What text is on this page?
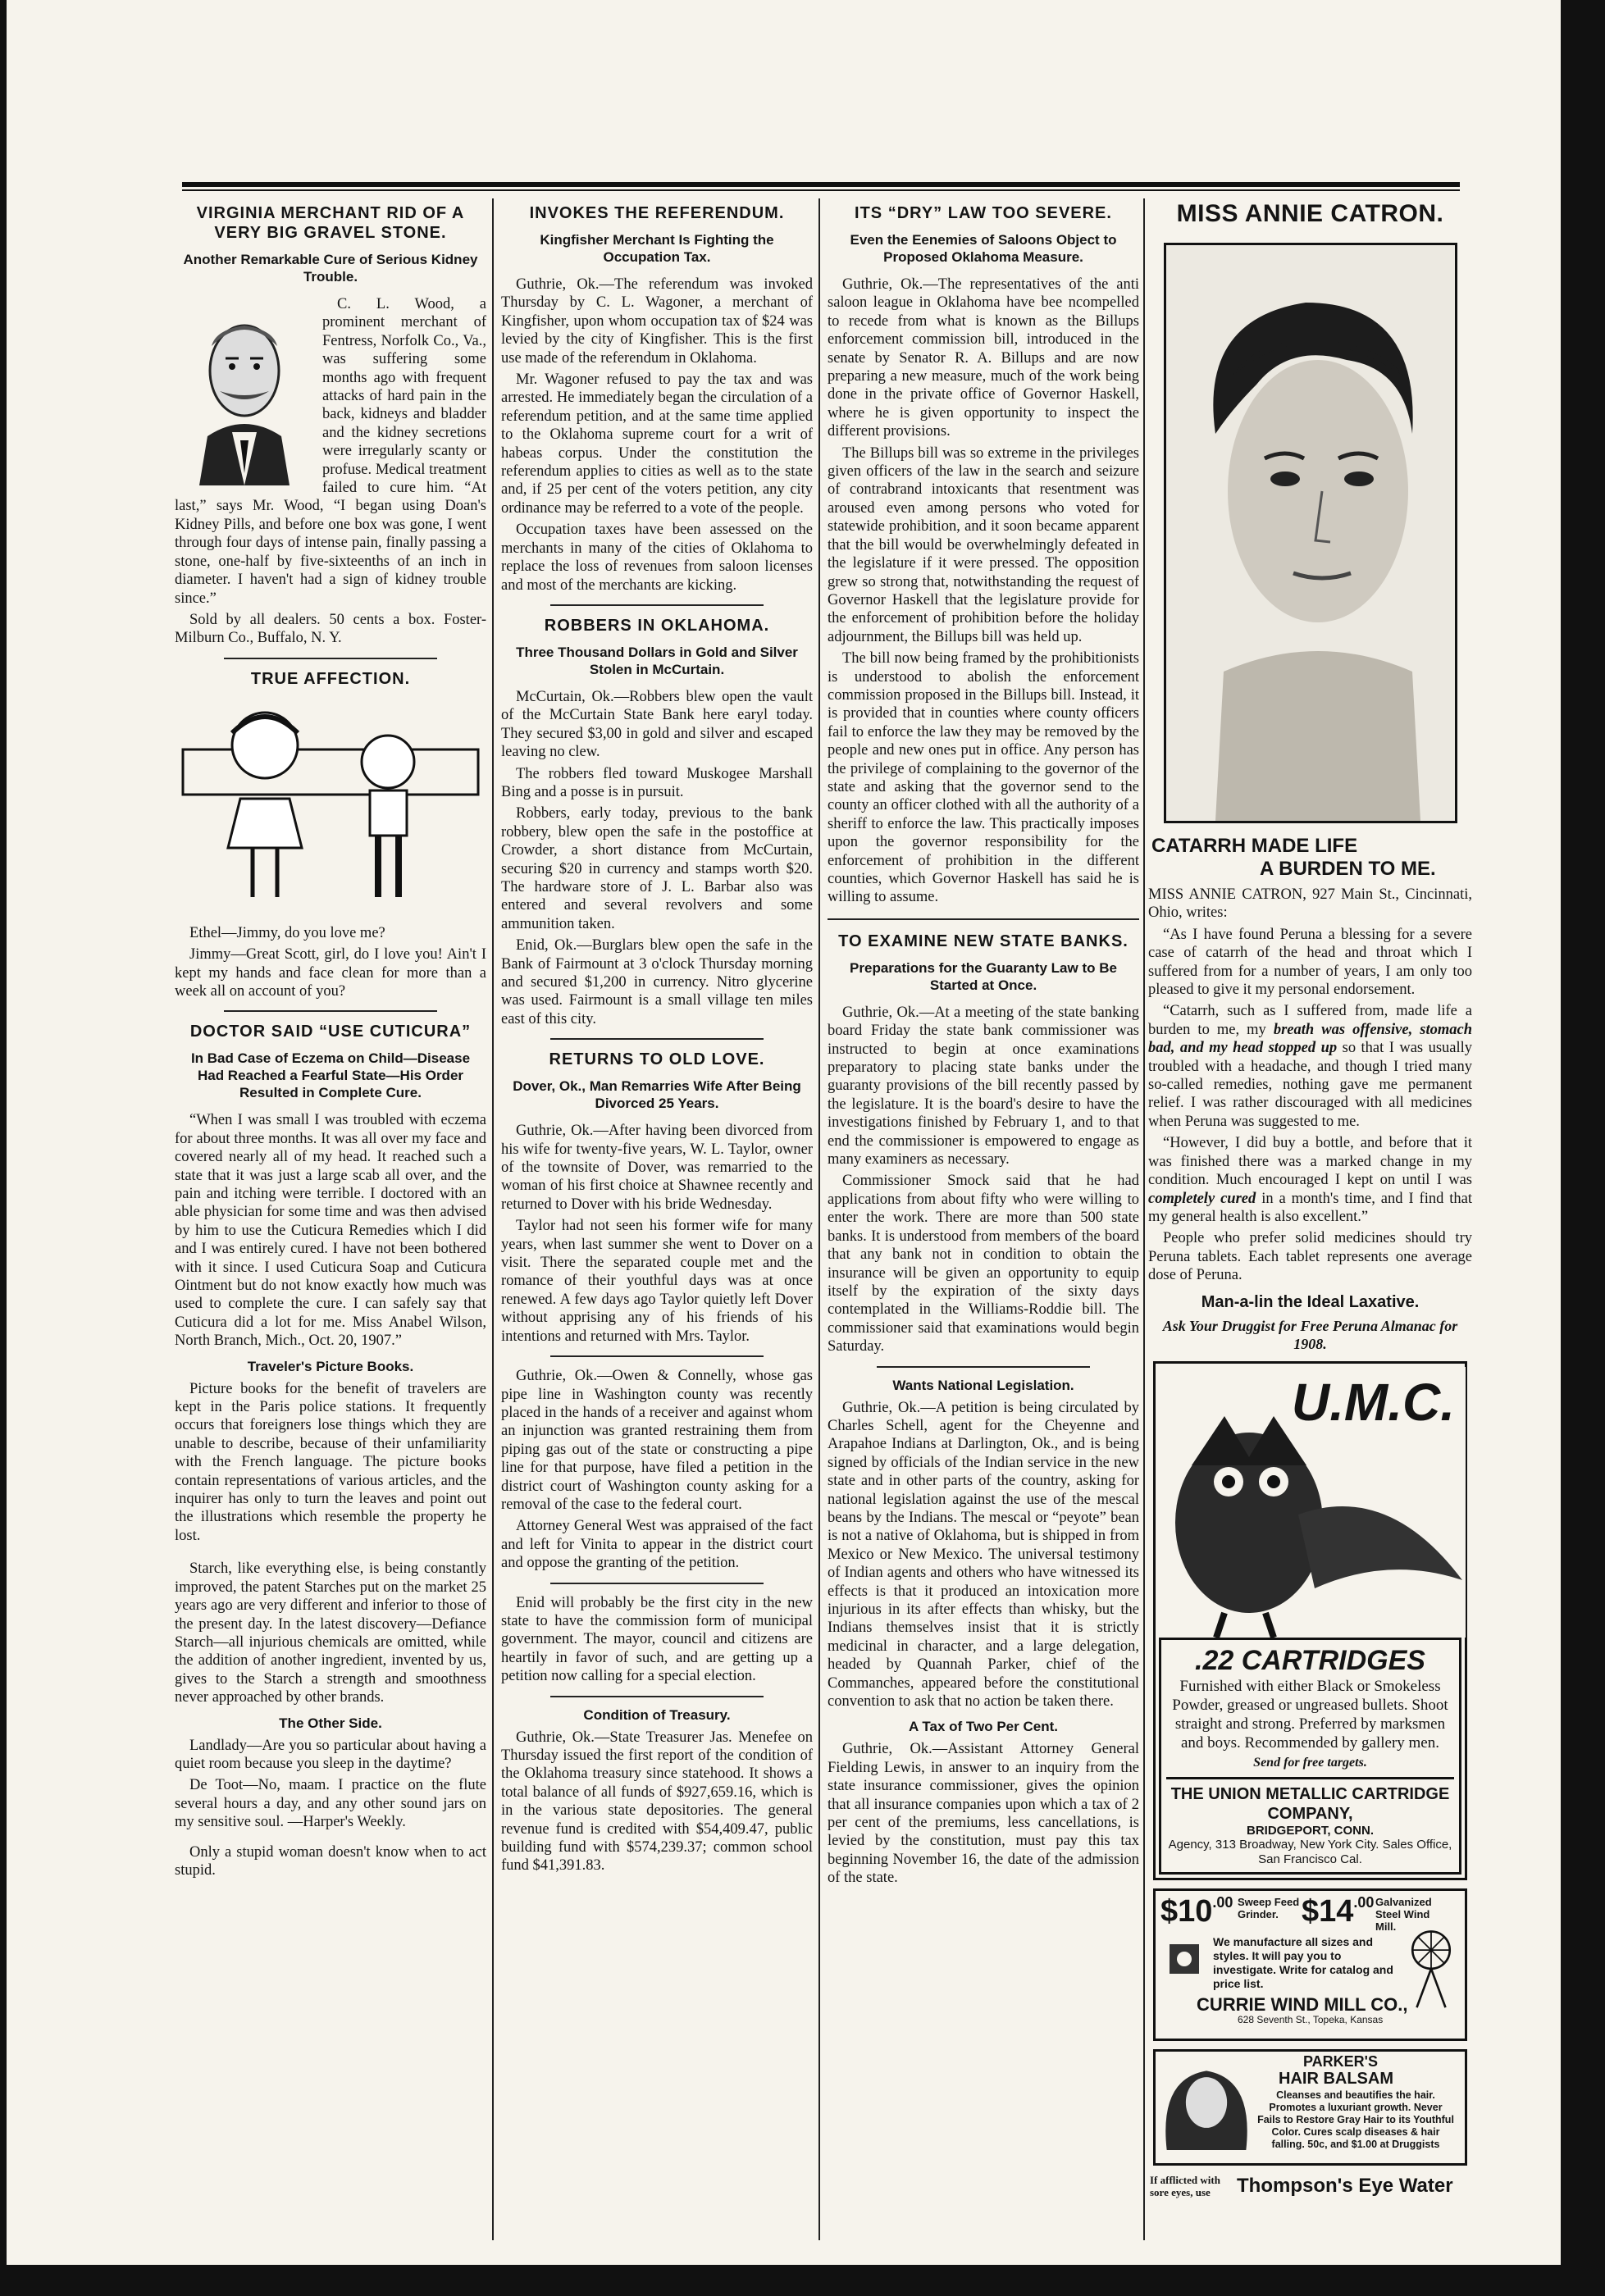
VIRGINIA MERCHANT RID OF A VERY BIG GRAVEL STONE.
Another Remarkable Cure of Serious Kidney Trouble.

C. L. Wood, a prominent merchant of Fentress, Norfolk Co., Va., was suffering some months ago with frequent attacks of hard pain in the back, kidneys and bladder and the kidney secretions were irregularly scanty or profuse. Medical treatment failed to cure him. “At last,” says Mr. Wood, “I began using Doan's Kidney Pills, and before one box was gone, I went through four days of intense pain, finally passing a stone, one-half by five-sixteenths of an inch in diameter. I haven't had a sign of kidney trouble since.”

Sold by all dealers. 50 cents a box. Foster-Milburn Co., Buffalo, N. Y.

TRUE AFFECTION.

Ethel—Jimmy, do you love me?

Jimmy—Great Scott, girl, do I love you! Ain't I kept my hands and face clean for more than a week all on account of you?

DOCTOR SAID “USE CUTICURA”
In Bad Case of Eczema on Child—Disease Had Reached a Fearful State—His Order Resulted in Complete Cure.

“When I was small I was troubled with eczema for about three months. It was all over my face and covered nearly all of my head. It reached such a state that it was just a large scab all over, and the pain and itching were terrible. I doctored with an able physician for some time and was then advised by him to use the Cuticura Remedies which I did and I was entirely cured. I have not been bothered with it since. I used Cuticura Soap and Cuticura Ointment but do not know exactly how much was used to complete the cure. I can safely say that Cuticura did a lot for me. Miss Anabel Wilson, North Branch, Mich., Oct. 20, 1907.”

Traveler's Picture Books.

Picture books for the benefit of travelers are kept in the Paris police stations. It frequently occurs that foreigners lose things which they are unable to describe, because of their unfamiliarity with the French language. The picture books contain representations of various articles, and the inquirer has only to turn the leaves and point out the illustrations which resemble the property he lost.

Starch, like everything else, is being constantly improved, the patent Starches put on the market 25 years ago are very different and inferior to those of the present day. In the latest discovery—Defiance Starch—all injurious chemicals are omitted, while the addition of another ingredient, invented by us, gives to the Starch a strength and smoothness never approached by other brands.

The Other Side.

Landlady—Are you so particular about having a quiet room because you sleep in the daytime?

De Toot—No, maam. I practice on the flute several hours a day, and any other sound jars on my sensitive soul. —Harper's Weekly.

Only a stupid woman doesn't know when to act stupid.

INVOKES THE REFERENDUM.
Kingfisher Merchant Is Fighting the Occupation Tax.

Guthrie, Ok.—The referendum was invoked Thursday by C. L. Wagoner, a merchant of Kingfisher, upon whom occupation tax of $24 was levied by the city of Kingfisher. This is the first use made of the referendum in Oklahoma.

Mr. Wagoner refused to pay the tax and was arrested. He immediately began the circulation of a referendum petition, and at the same time applied to the Oklahoma supreme court for a writ of habeas corpus. Under the constitution the referendum applies to cities as well as to the state and, if 25 per cent of the voters petition, any city ordinance may be referred to a vote of the people.

Occupation taxes have been assessed on the merchants in many of the cities of Oklahoma to replace the loss of revenues from saloon licenses and most of the merchants are kicking.

ROBBERS IN OKLAHOMA.
Three Thousand Dollars in Gold and Silver Stolen in McCurtain.

McCurtain, Ok.—Robbers blew open the vault of the McCurtain State Bank here earyl today. They secured $3,00 in gold and silver and escaped leaving no clew.

The robbers fled toward Muskogee Marshall Bing and a posse is in pursuit.

Robbers, early today, previous to the bank robbery, blew open the safe in the postoffice at Crowder, a short distance from McCurtain, securing $20 in currency and stamps worth $20. The hardware store of J. L. Barbar also was entered and several revolvers and some ammunition taken.

Enid, Ok.—Burglars blew open the safe in the Bank of Fairmount at 3 o'clock Thursday morning and secured $1,200 in currency. Nitro glycerine was used. Fairmount is a small village ten miles east of this city.

RETURNS TO OLD LOVE.
Dover, Ok., Man Remarries Wife After Being Divorced 25 Years.

Guthrie, Ok.—After having been divorced from his wife for twenty-five years, W. L. Taylor, owner of the townsite of Dover, was remarried to the woman of his first choice at Shawnee recently and returned to Dover with his bride Wednesday.

Taylor had not seen his former wife for many years, when last summer she went to Dover on a visit. There the separated couple met and the romance of their youthful days was at once renewed. A few days ago Taylor quietly left Dover without apprising any of his friends of his intentions and returned with Mrs. Taylor.

Guthrie, Ok.—Owen & Connelly, whose gas pipe line in Washington county was recently placed in the hands of a receiver and against whom an injunction was granted restraining them from piping gas out of the state or constructing a pipe line for that purpose, have filed a petition in the district court of Washington county asking for a removal of the case to the federal court.

Attorney General West was appraised of the fact and left for Vinita to appear in the district court and oppose the granting of the petition.

Enid will probably be the first city in the new state to have the commission form of municipal government. The mayor, council and citizens are heartily in favor of such, and are getting up a petition now calling for a special election.

Condition of Treasury.

Guthrie, Ok.—State Treasurer Jas. Menefee on Thursday issued the first report of the condition of the Oklahoma treasury since statehood. It shows a total balance of all funds of $927,659.16, which is in the various state depositories. The general revenue fund is credited with $54,409.47, public building fund with $574,239.37; common school fund $41,391.83.

ITS “DRY” LAW TOO SEVERE.
Even the Eenemies of Saloons Object to Proposed Oklahoma Measure.

Guthrie, Ok.—The representatives of the anti saloon league in Oklahoma have bee ncompelled to recede from what is known as the Billups enforcement commission bill, introduced in the senate by Senator R. A. Billups and are now preparing a new measure, much of the work being done in the private office of Governor Haskell, where he is given opportunity to inspect the different provisions.

The Billups bill was so extreme in the privileges given officers of the law in the search and seizure of contrabrand intoxicants that resentment was aroused even among persons who voted for statewide prohibition, and it soon became apparent that the bill would be overwhelmingly defeated in the legislature if it were pressed. The opposition grew so strong that, notwithstanding the request of Governor Haskell that the legislature provide for the enforcement of prohibition before the holiday adjournment, the Billups bill was held up.

The bill now being framed by the prohibitionists is understood to abolish the enforcement commission proposed in the Billups bill. Instead, it is provided that in counties where county officers fail to enforce the law they may be removed by the people and new ones put in office. Any person has the privilege of complaining to the governor of the state and asking that the governor send to the county an officer clothed with all the authority of a sheriff to enforce the law. This practically imposes upon the governor responsibility for the enforcement of prohibition in the different counties, which Governor Haskell has said he is willing to assume.

TO EXAMINE NEW STATE BANKS.
Preparations for the Guaranty Law to Be Started at Once.

Guthrie, Ok.—At a meeting of the state banking board Friday the state bank commissioner was instructed to begin at once examinations preparatory to placing state banks under the guaranty provisions of the bill recently passed by the legislature. It is the board's desire to have the investigations finished by February 1, and to that end the commissioner is empowered to engage as many examiners as necessary.

Commissioner Smock said that he had applications from about fifty who were willing to enter the work. There are more than 500 state banks. It is understood from members of the board that any bank not in condition to obtain the insurance will be given an opportunity to equip itself by the expiration of the sixty days contemplated in the Williams-Roddie bill. The commissioner said that examinations would begin Saturday.

Wants National Legislation.

Guthrie, Ok.—A petition is being circulated by Charles Schell, agent for the Cheyenne and Arapahoe Indians at Darlington, Ok., and is being signed by officials of the Indian service in the new state and in other parts of the country, asking for national legislation against the use of the mescal beans by the Indians. The mescal or “peyote” bean is not a native of Oklahoma, but is shipped in from Mexico or New Mexico. The universal testimony of Indian agents and others who have witnessed its effects is that it produced an intoxication more injurious in its after effects than whisky, but the Indians themselves insist that it is strictly medicinal in character, and a large delegation, headed by Quannah Parker, chief of the Commanches, appeared before the constitutional convention to ask that no action be taken there.

A Tax of Two Per Cent.

Guthrie, Ok.—Assistant Attorney General Fielding Lewis, in answer to an inquiry from the state insurance commissioner, gives the opinion that all insurance companies upon which a tax of 2 per cent of the premiums, less cancellations, is levied by the constitution, must pay this tax beginning November 16, the date of the admission of the state.

MISS ANNIE CATRON.
CATARRH MADE LIFE
A BURDEN TO ME.

MISS ANNIE CATRON, 927 Main St., Cincinnati, Ohio, writes:

“As I have found Peruna a blessing for a severe case of catarrh of the head and throat which I suffered from for a number of years, I am only too pleased to give it my personal endorsement.

“Catarrh, such as I suffered from, made life a burden to me, my breath was offensive, stomach bad, and my head stopped up so that I was usually troubled with a headache, and though I tried many so-called remedies, nothing gave me permanent relief. I was rather discouraged with all medicines when Peruna was suggested to me.

“However, I did buy a bottle, and before that it was finished there was a marked change in my condition. Much encouraged I kept on until I was completely cured in a month's time, and I find that my general health is also excellent.”

People who prefer solid medicines should try Peruna tablets. Each tablet represents one average dose of Peruna.

Man-a-lin the Ideal Laxative.
Ask Your Druggist for Free Peruna Almanac for 1908.
U.M.C.
.22 CARTRIDGES

Furnished with either Black or Smokeless Powder, greased or ungreased bullets. Shoot straight and strong. Preferred by marksmen and boys. Recommended by gallery men.

Send for free targets.
THE UNION METALLIC CARTRIDGE COMPANY,
BRIDGEPORT, CONN.
Agency, 313 Broadway, New York City. Sales Office, San Francisco Cal.
$\$10^{.00}$ Sweep Feed Grinder. $\$14^{.00}$ Galvanized Steel Wind Mill.
We manufacture all sizes and styles. It will pay you to investigate. Write for catalog and price list.
CURRIE WIND MILL CO.,
628 Seventh St., Topeka, Kansas
PARKER'S
HAIR BALSAM
Cleanses and beautifies the hair. Promotes a luxuriant growth. Never Fails to Restore Gray Hair to its Youthful Color. Cures scalp diseases & hair falling. 50c, and $1.00 at Druggists
If afflicted with sore eyes, use	Thompson's Eye Water
